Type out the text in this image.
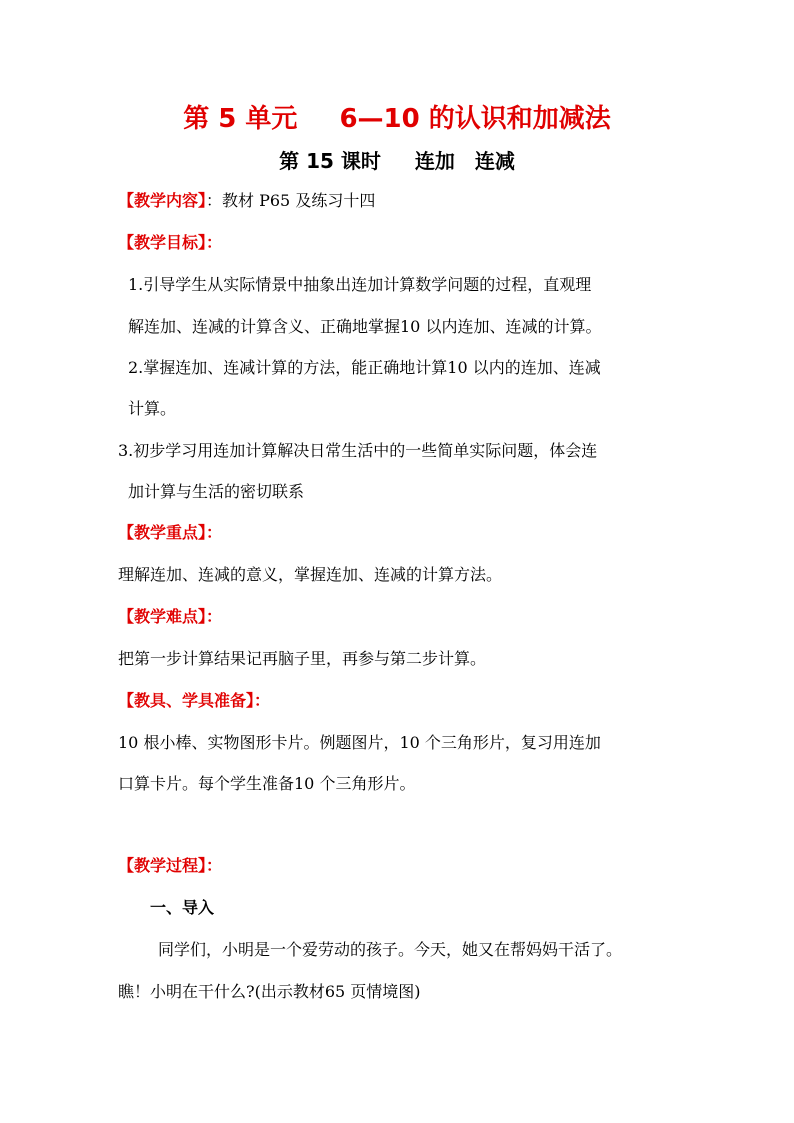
第 5 单元 6—10 的认识和加减法
第 15 课时 连加 连减
【教学内容】：教材 P65 及练习十四
【教学目标】：
1.引导学生从实际情景中抽象出连加计算数学问题的过程，直观理
解连加、连减的计算含义、正确地掌握10 以内连加、连减的计算。
2.掌握连加、连减计算的方法，能正确地计算10 以内的连加、连减
计算。
3.初步学习用连加计算解决日常生活中的一些简单实际问题，体会连
加计算与生活的密切联系
【教学重点】：
理解连加、连减的意义，掌握连加、连减的计算方法。
【教学难点】：
把第一步计算结果记再脑子里，再参与第二步计算。
【教具、学具准备】：
10 根小棒、实物图形卡片。例题图片，10 个三角形片，复习用连加
口算卡片。每个学生准备10 个三角形片。
【教学过程】：
一、导入
同学们，小明是一个爱劳动的孩子。今天，她又在帮妈妈干活了。
瞧！小明在干什么?(出示教材65 页情境图)
